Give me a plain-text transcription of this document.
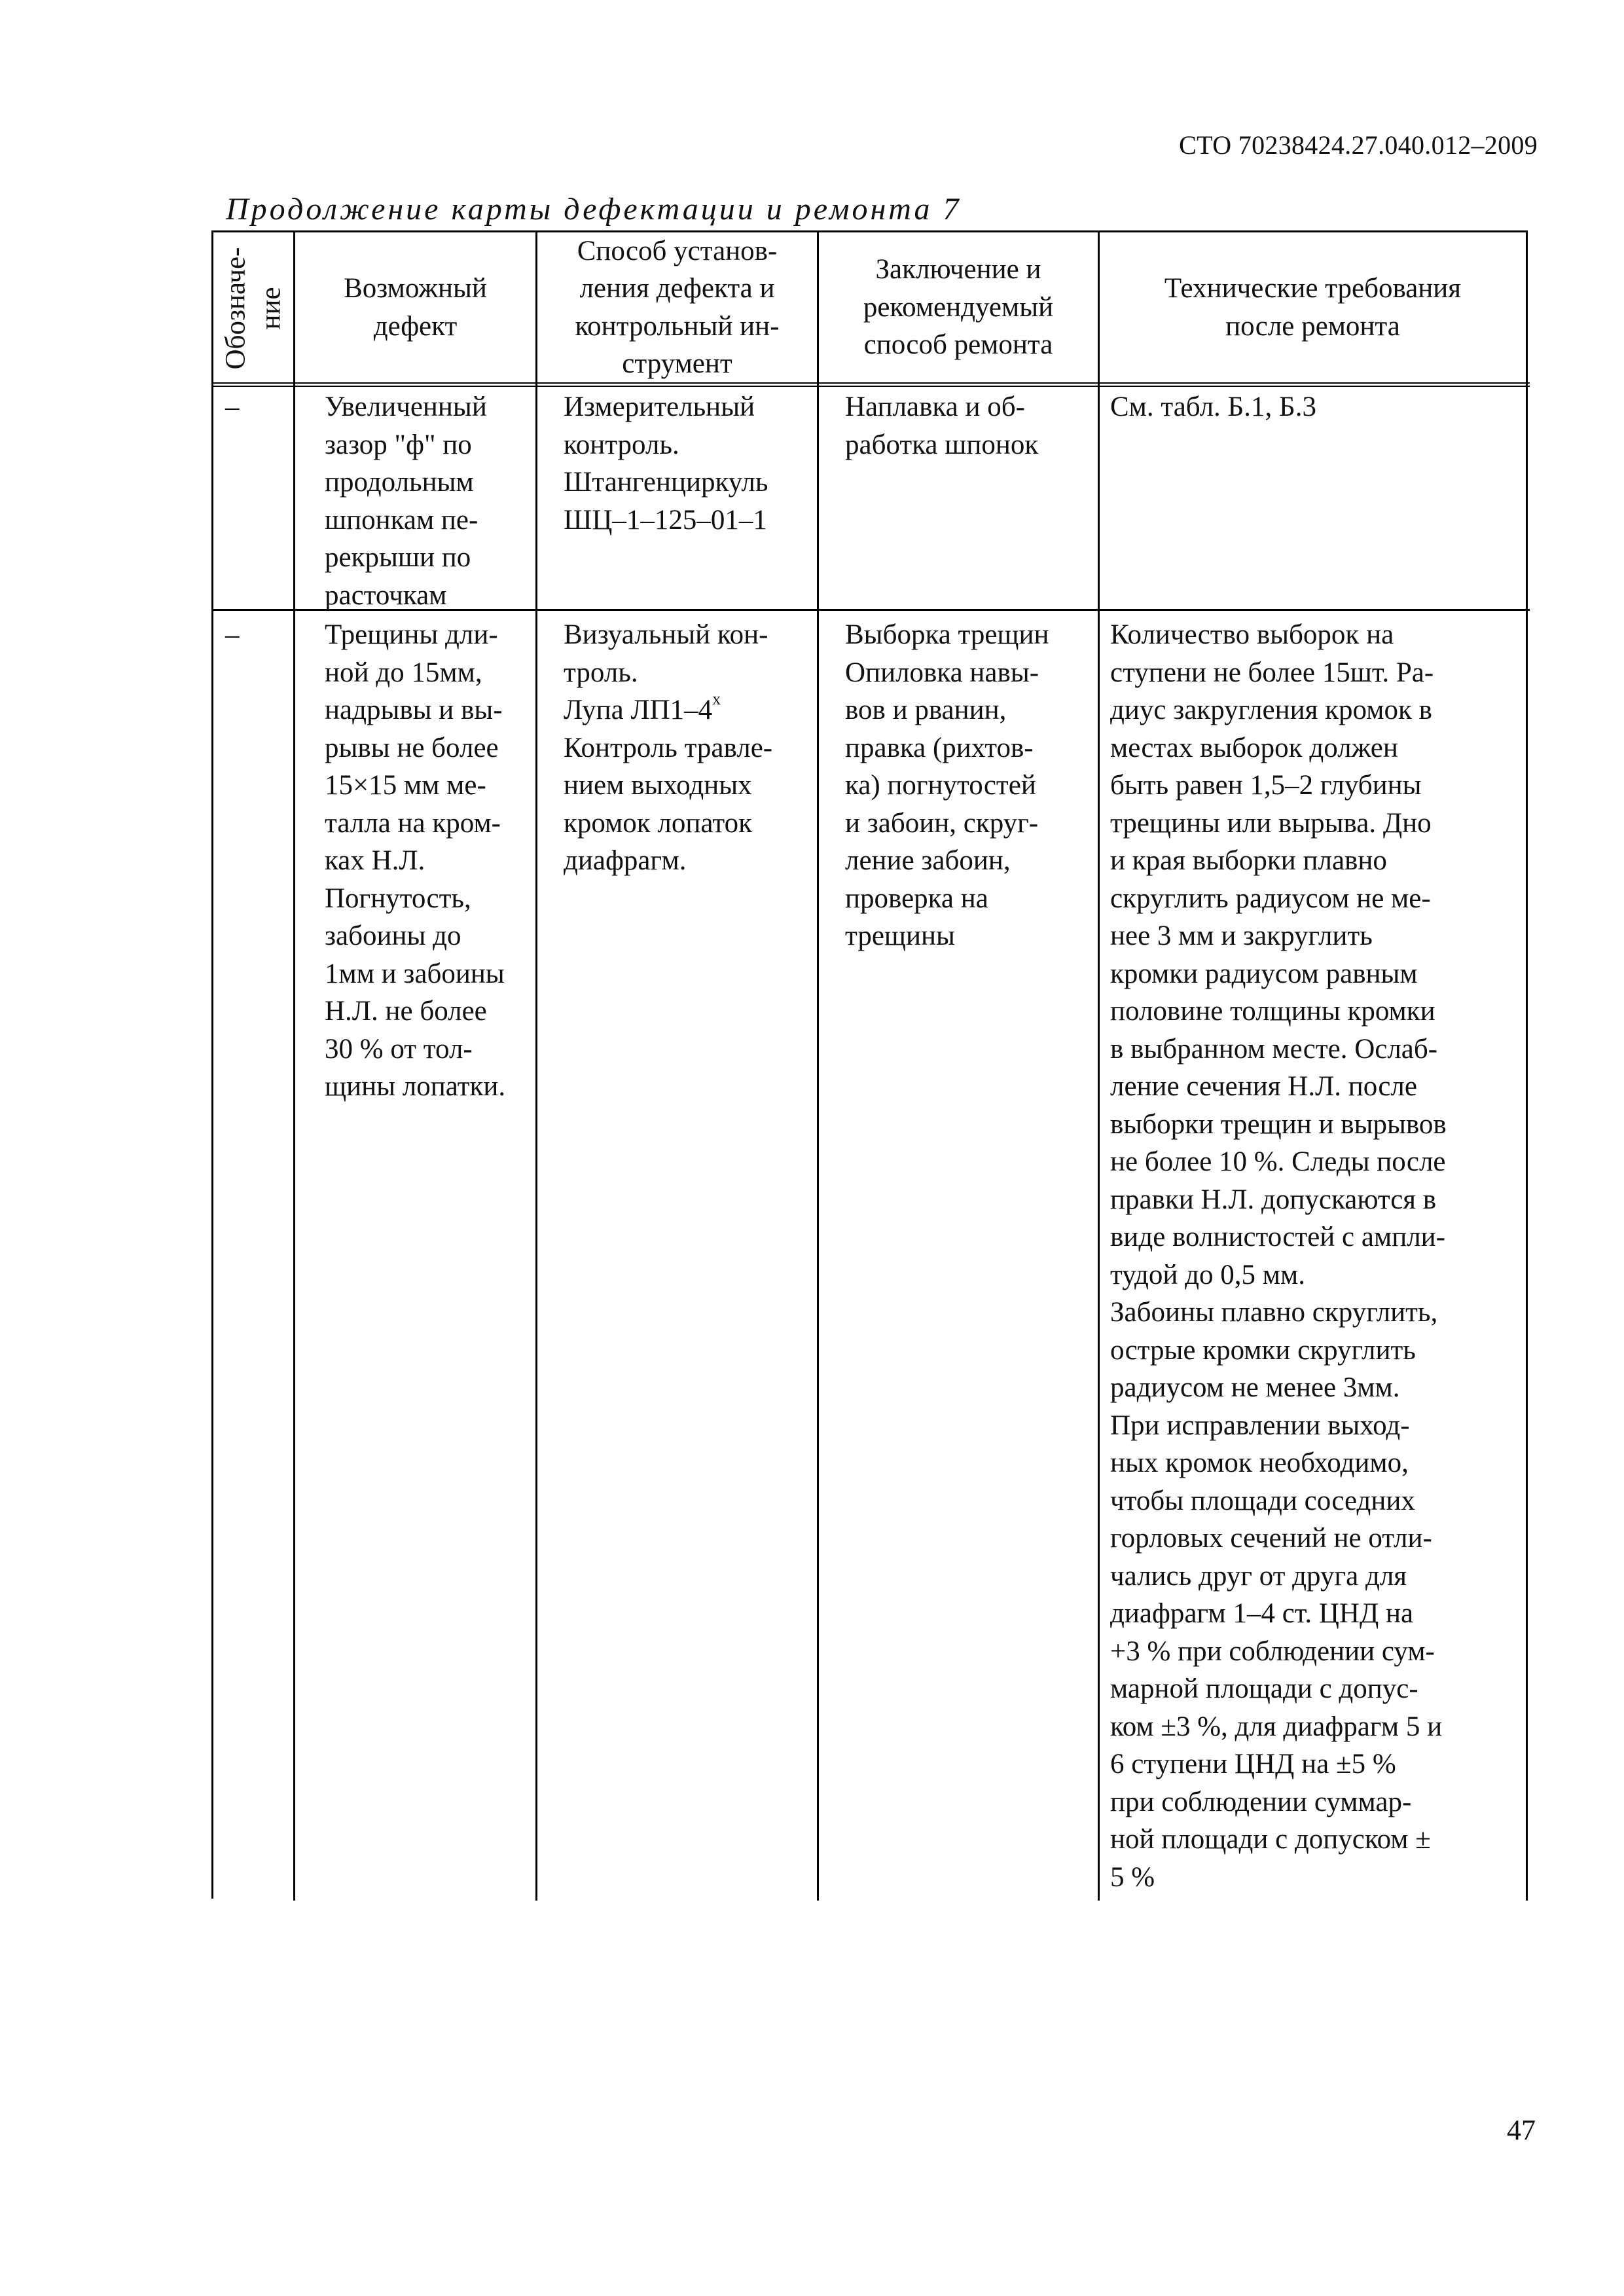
СТО 70238424.27.040.012–2009
Продолжение карты дефектации и ремонта 7
Обозначе- ние Возможный
дефект
Способ установ-
ления дефекта и
контрольный ин-
струмент
Заключение и
рекомендуемый
способ ремонта
Технические требования
после ремонта
–	Увеличенный
зазор "ф" по
продольным
шпонкам пе-
рекрыши по
расточкам
Измерительный
контроль.
Штангенциркуль
ШЦ–1–125–01–1
Наплавка и об-
работка шпонок
См. табл. Б.1, Б.3
–	Трещины дли-
ной до 15мм,
надрывы и вы-
рывы не более
15×15 мм ме-
талла на кром-
ках Н.Л.
Погнутость,
забоины до
1мм и забоины
Н.Л. не более
30 % от тол-
щины лопатки.
Визуальный кон-
троль.
Лупа $ЛП1-4^х$
Контроль травле-
нием выходных
кромок лопаток
диафрагм.
Выборка трещин
Опиловка навы-
вов и рванин,
правка (рихтов-
ка) погнутостей
и забоин, скруг-
ление забоин,
проверка на
трещины
Количество выборок на
ступени не более 15шт. Ра-
диус закругления кромок в
местах выборок должен
быть равен 1,5–2 глубины
трещины или вырыва. Дно
и края выборки плавно
скруглить радиусом не ме-
нее 3 мм и закруглить
кромки радиусом равным
половине толщины кромки
в выбранном месте. Ослаб-
ление сечения Н.Л. после
выборки трещин и вырывов
не более 10 %. Следы после
правки Н.Л. допускаются в
виде волнистостей с ампли-
тудой до 0,5 мм.
Забоины плавно скруглить,
острые кромки скруглить
радиусом не менее 3мм.
При исправлении выход-
ных кромок необходимо,
чтобы площади соседних
горловых сечений не отли-
чались друг от друга для
диафрагм 1–4 ст. ЦНД на
+3 % при соблюдении сум-
марной площади с допус-
ком ±3 %, для диафрагм 5 и
6 ступени ЦНД на ±5 %
при соблюдении суммар-
ной площади с допуском ±
5 %
47
